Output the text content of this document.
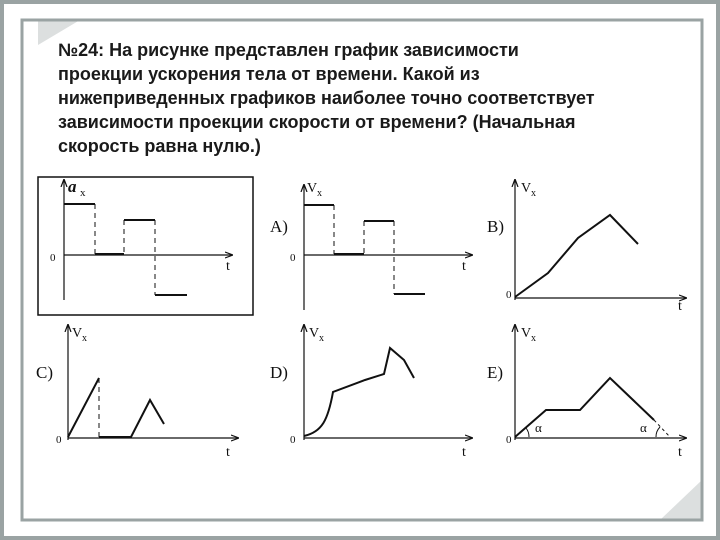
№24: На рисунке представлен график зависимости
проекции ускорения тела от времени. Какой из
нижеприведенных графиков наиболее точно соответствует
зависимости проекции скорости от времени? (Начальная
скорость равна нулю.)
a x
0
t
A)
V x
0
t
B)
V x
0
t
C)
V x
0
t
D)
V x
0
t
E)
V x
0
t
α	α
